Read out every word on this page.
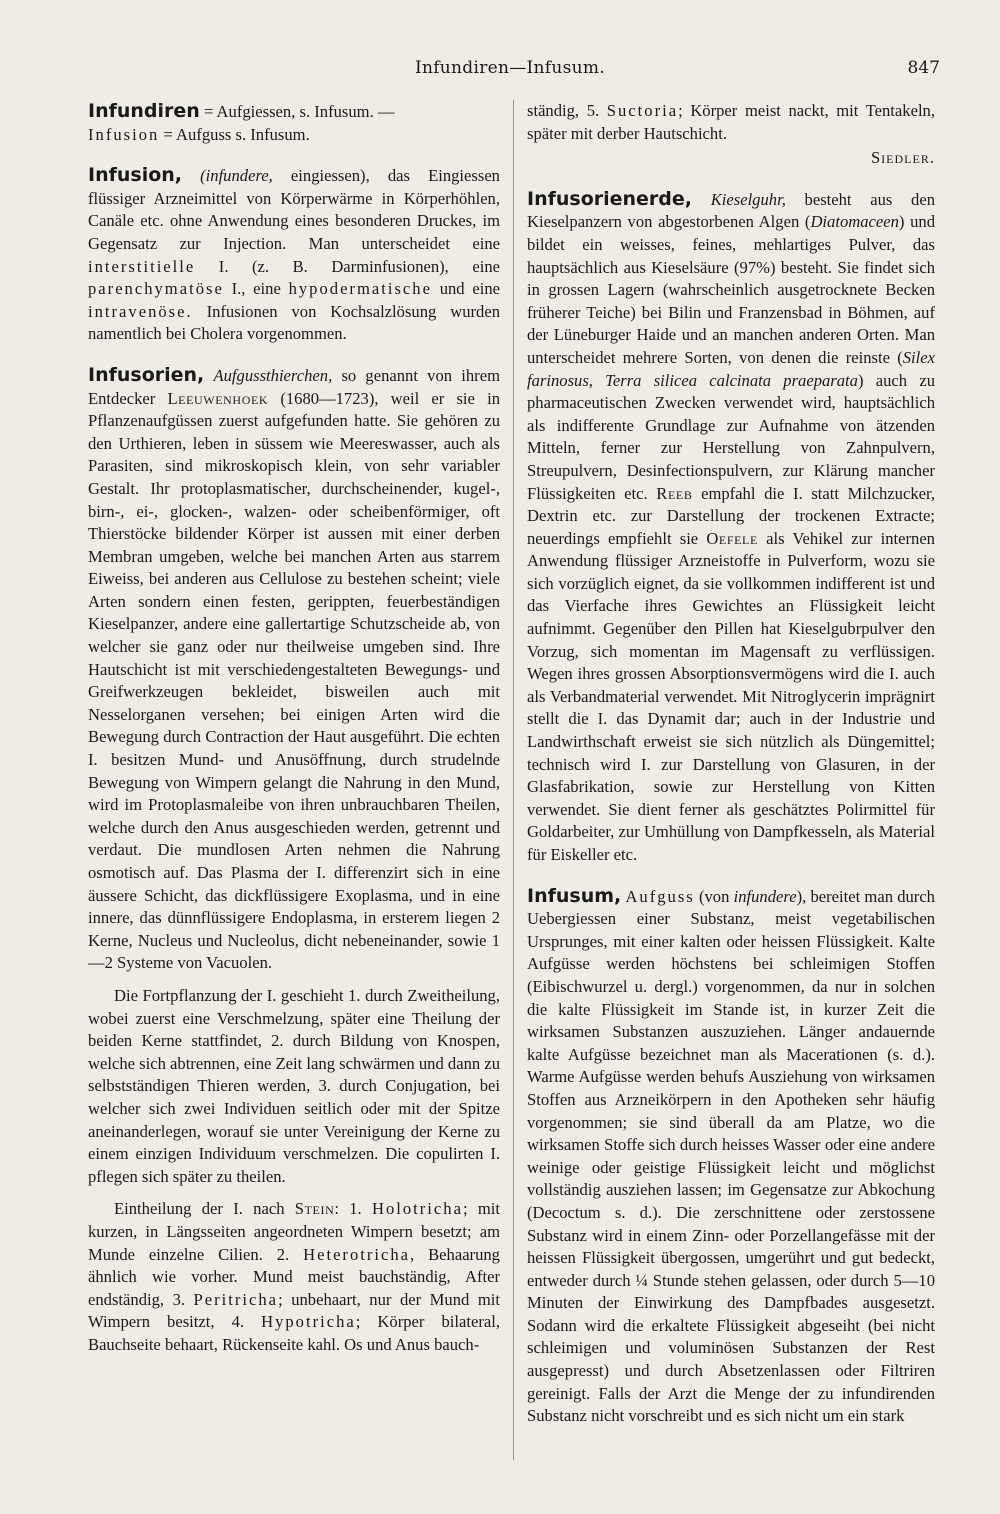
Infundiren—Infusum.	847

Infundiren = Aufgiessen, s. Infusum. —

Infusion = Aufguss s. Infusum.

Infusion, (infundere, eingiessen), das Eingiessen flüssiger Arzneimittel von Körperwärme in Körperhöhlen, Canäle etc. ohne Anwendung eines besonderen Druckes, im Gegensatz zur Injection. Man unterscheidet eine interstitielle I. (z. B. Darminfusionen), eine parenchymatöse I., eine hypodermatische und eine intravenöse. Infusionen von Kochsalzlösung wurden namentlich bei Cholera vorgenommen.

Infusorien, Aufgussthierchen, so genannt von ihrem Entdecker Leeuwenhoek (1680—1723), weil er sie in Pflanzenaufgüssen zuerst aufgefunden hatte. Sie gehören zu den Urthieren, leben in süssem wie Meereswasser, auch als Parasiten, sind mikroskopisch klein, von sehr variabler Gestalt. Ihr protoplasmatischer, durchscheinender, kugel-, birn-, ei-, glocken-, walzen- oder scheibenförmiger, oft Thierstöcke bildender Körper ist aussen mit einer derben Membran umgeben, welche bei manchen Arten aus starrem Eiweiss, bei anderen aus Cellulose zu bestehen scheint; viele Arten sondern einen festen, gerippten, feuerbeständigen Kieselpanzer, andere eine gallertartige Schutzscheide ab, von welcher sie ganz oder nur theilweise umgeben sind. Ihre Hautschicht ist mit verschiedengestalteten Bewegungs- und Greifwerkzeugen bekleidet, bisweilen auch mit Nesselorganen versehen; bei einigen Arten wird die Bewegung durch Contraction der Haut ausgeführt. Die echten I. besitzen Mund- und Anusöffnung, durch strudelnde Bewegung von Wimpern gelangt die Nahrung in den Mund, wird im Protoplasmaleibe von ihren unbrauchbaren Theilen, welche durch den Anus ausgeschieden werden, getrennt und verdaut. Die mundlosen Arten nehmen die Nahrung osmotisch auf. Das Plasma der I. differenzirt sich in eine äussere Schicht, das dickflüssigere Exoplasma, und in eine innere, das dünnflüssigere Endoplasma, in ersterem liegen 2 Kerne, Nucleus und Nucleolus, dicht nebeneinander, sowie 1—2 Systeme von Vacuolen.

Die Fortpflanzung der I. geschieht 1. durch Zweitheilung, wobei zuerst eine Verschmelzung, später eine Theilung der beiden Kerne stattfindet, 2. durch Bildung von Knospen, welche sich abtrennen, eine Zeit lang schwärmen und dann zu selbstständigen Thieren werden, 3. durch Conjugation, bei welcher sich zwei Individuen seitlich oder mit der Spitze aneinanderlegen, worauf sie unter Vereinigung der Kerne zu einem einzigen Individuum verschmelzen. Die copulirten I. pflegen sich später zu theilen.

Eintheilung der I. nach Stein: 1. Holotricha; mit kurzen, in Längsseiten angeordneten Wimpern besetzt; am Munde einzelne Cilien. 2. Heterotricha, Behaarung ähnlich wie vorher. Mund meist bauchständig, After endständig, 3. Peritricha; unbehaart, nur der Mund mit Wimpern besitzt, 4. Hypotricha; Körper bilateral, Bauchseite behaart, Rückenseite kahl. Os und Anus bauch-

ständig, 5. Suctoria; Körper meist nackt, mit Tentakeln, später mit derber Hautschicht.

Siedler.

Infusorienerde, Kieselguhr, besteht aus den Kieselpanzern von abgestorbenen Algen (Diatomaceen) und bildet ein weisses, feines, mehlartiges Pulver, das hauptsächlich aus Kieselsäure (97%) besteht. Sie findet sich in grossen Lagern (wahrscheinlich ausgetrocknete Becken früherer Teiche) bei Bilin und Franzensbad in Böhmen, auf der Lüneburger Haide und an manchen anderen Orten. Man unterscheidet mehrere Sorten, von denen die reinste (Silex farinosus, Terra silicea calcinata praeparata) auch zu pharmaceutischen Zwecken verwendet wird, hauptsächlich als indifferente Grundlage zur Aufnahme von ätzenden Mitteln, ferner zur Herstellung von Zahnpulvern, Streupulvern, Desinfectionspulvern, zur Klärung mancher Flüssigkeiten etc. Reeb empfahl die I. statt Milchzucker, Dextrin etc. zur Darstellung der trockenen Extracte; neuerdings empfiehlt sie Oefele als Vehikel zur internen Anwendung flüssiger Arzneistoffe in Pulverform, wozu sie sich vorzüglich eignet, da sie vollkommen indifferent ist und das Vierfache ihres Gewichtes an Flüssigkeit leicht aufnimmt. Gegenüber den Pillen hat Kieselgubrpulver den Vorzug, sich momentan im Magensaft zu verflüssigen. Wegen ihres grossen Absorptionsvermögens wird die I. auch als Verbandmaterial verwendet. Mit Nitroglycerin imprägnirt stellt die I. das Dynamit dar; auch in der Industrie und Landwirthschaft erweist sie sich nützlich als Düngemittel; technisch wird I. zur Darstellung von Glasuren, in der Glasfabrikation, sowie zur Herstellung von Kitten verwendet. Sie dient ferner als geschätztes Polirmittel für Goldarbeiter, zur Umhüllung von Dampfkesseln, als Material für Eiskeller etc.

Infusum, Aufguss (von infundere), bereitet man durch Uebergiessen einer Substanz, meist vegetabilischen Ursprunges, mit einer kalten oder heissen Flüssigkeit. Kalte Aufgüsse werden höchstens bei schleimigen Stoffen (Eibischwurzel u. dergl.) vorgenommen, da nur in solchen die kalte Flüssigkeit im Stande ist, in kurzer Zeit die wirksamen Substanzen auszuziehen. Länger andauernde kalte Aufgüsse bezeichnet man als Macerationen (s. d.). Warme Aufgüsse werden behufs Ausziehung von wirksamen Stoffen aus Arzneikörpern in den Apotheken sehr häufig vorgenommen; sie sind überall da am Platze, wo die wirksamen Stoffe sich durch heisses Wasser oder eine andere weinige oder geistige Flüssigkeit leicht und möglichst vollständig ausziehen lassen; im Gegensatze zur Abkochung (Decoctum s. d.). Die zerschnittene oder zerstossene Substanz wird in einem Zinn- oder Porzellangefässe mit der heissen Flüssigkeit übergossen, umgerührt und gut bedeckt, entweder durch ¼ Stunde stehen gelassen, oder durch 5—10 Minuten der Einwirkung des Dampfbades ausgesetzt. Sodann wird die erkaltete Flüssigkeit abgeseiht (bei nicht schleimigen und voluminösen Substanzen der Rest ausgepresst) und durch Absetzenlassen oder Filtriren gereinigt. Falls der Arzt die Menge der zu infundirenden Substanz nicht vorschreibt und es sich nicht um ein stark
